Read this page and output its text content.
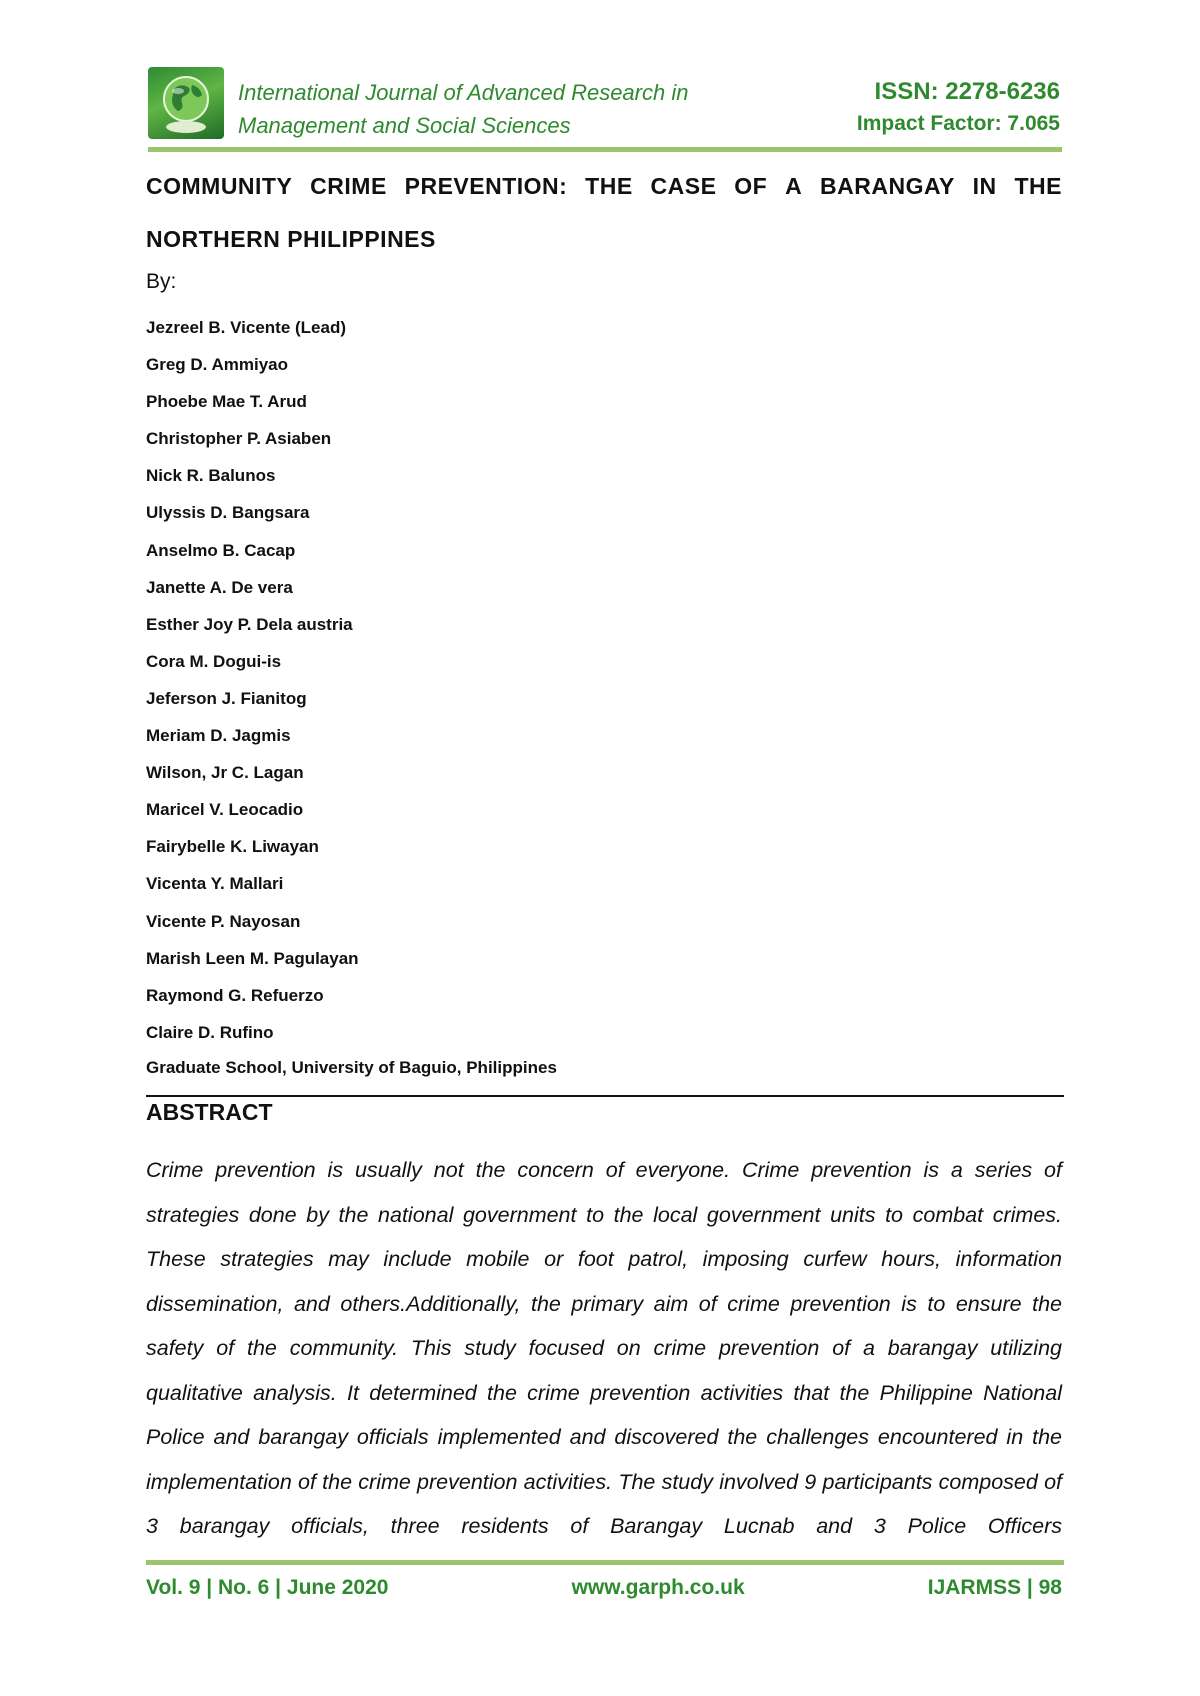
International Journal of Advanced Research in
Management and Social Sciences
ISSN: 2278-6236
Impact Factor: 7.065
COMMUNITY CRIME PREVENTION: THE CASE OF A BARANGAY IN THE
NORTHERN PHILIPPINES
By:
Jezreel B. Vicente (Lead)
Greg D. Ammiyao
Phoebe Mae T. Arud
Christopher P. Asiaben
Nick R. Balunos
Ulyssis D. Bangsara
Anselmo B. Cacap
Janette A. De vera
Esther Joy P. Dela austria
Cora M. Dogui-is
Jeferson J. Fianitog
Meriam D. Jagmis
Wilson, Jr C. Lagan
Maricel V. Leocadio
Fairybelle K. Liwayan
Vicenta Y. Mallari
Vicente P. Nayosan
Marish Leen M. Pagulayan
Raymond G. Refuerzo
Claire D. Rufino
Graduate School, University of Baguio, Philippines
ABSTRACT

Crime prevention is usually not the concern of everyone. Crime prevention is a series of strategies done by the national government to the local government units to combat crimes. These strategies may include mobile or foot patrol, imposing curfew hours, information dissemination, and others.Additionally, the primary aim of crime prevention is to ensure the safety of the community. This study focused on crime prevention of a barangay utilizing qualitative analysis. It determined the crime prevention activities that the Philippine National Police and barangay officials implemented and discovered the challenges encountered in the implementation of the crime prevention activities. The study involved 9 participants composed of 3 barangay officials, three residents of Barangay Lucnab and 3 Police Officers

Vol. 9 | No. 6 | June 2020	www.garph.co.uk	IJARMSS | 98
